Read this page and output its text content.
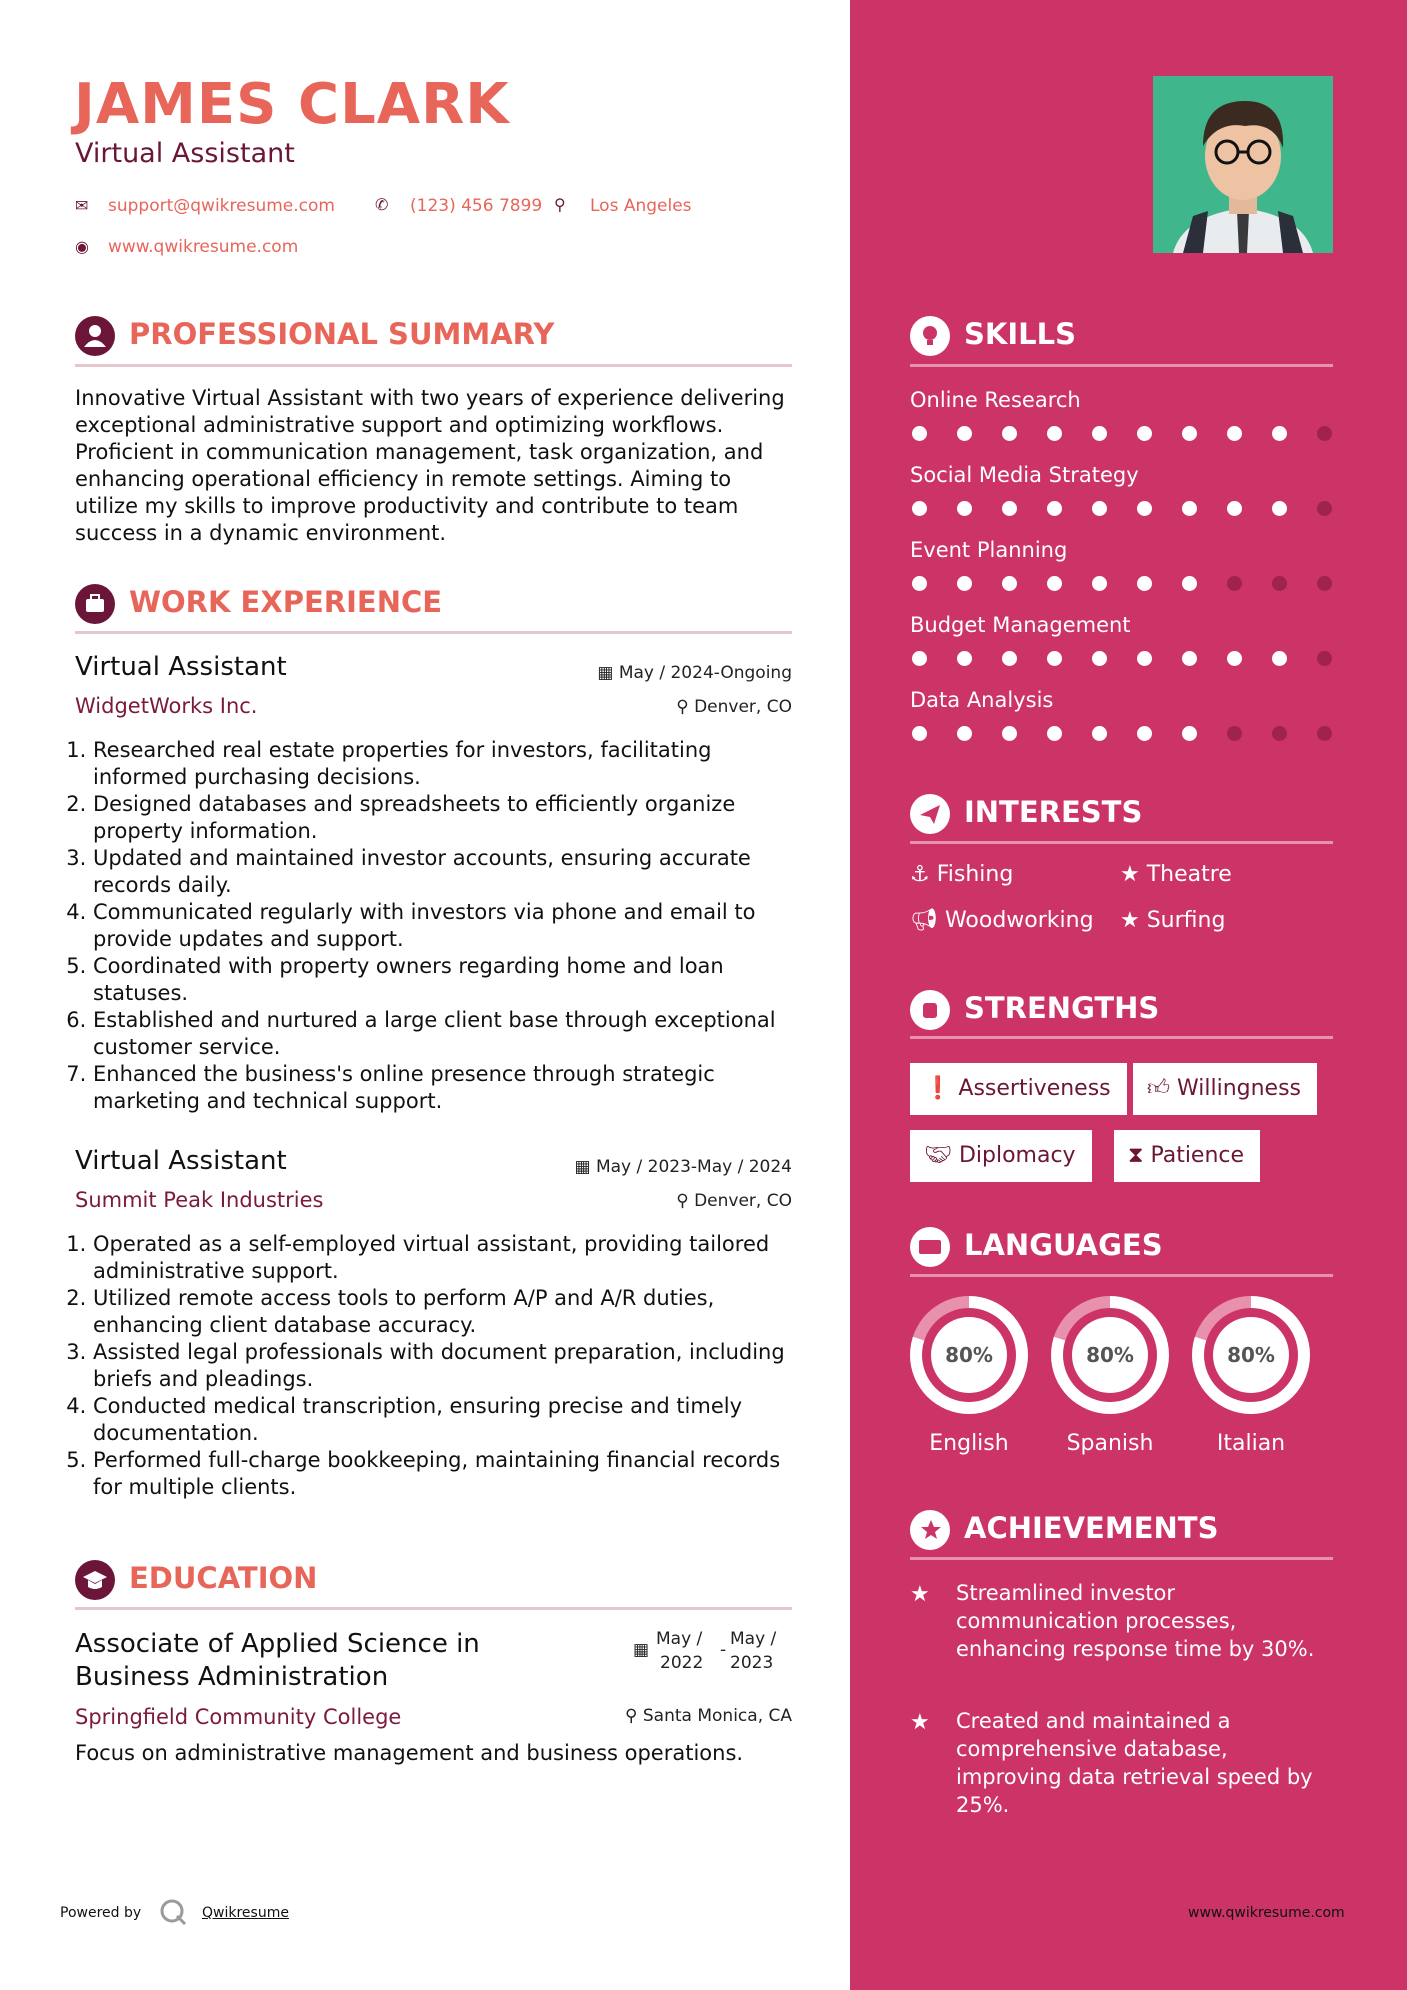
JAMES CLARK
Virtual Assistant
✉ support@qwikresume.com	✆ (123) 456 7899 ⚲ Los Angeles
◉ www.qwikresume.com
PROFESSIONAL SUMMARY
Innovative Virtual Assistant with two years of experience delivering exceptional administrative support and optimizing workflows. Proficient in communication management, task organization, and enhancing operational efficiency in remote settings. Aiming to utilize my skills to improve productivity and contribute to team success in a dynamic environment.
WORK EXPERIENCE
Virtual Assistant	▦ May / 2024-Ongoing
WidgetWorks Inc.	⚲ Denver, CO
1. Researched real estate properties for investors, facilitating informed purchasing decisions.
2. Designed databases and spreadsheets to efficiently organize property information.
3. Updated and maintained investor accounts, ensuring accurate records daily.
4. Communicated regularly with investors via phone and email to provide updates and support.
5. Coordinated with property owners regarding home and loan statuses.
6. Established and nurtured a large client base through exceptional customer service.
7. Enhanced the business's online presence through strategic marketing and technical support.
Virtual Assistant	▦ May / 2023-May / 2024
Summit Peak Industries	⚲ Denver, CO
1. Operated as a self-employed virtual assistant, providing tailored administrative support.
2. Utilized remote access tools to perform A/P and A/R duties, enhancing client database accuracy.
3. Assisted legal professionals with document preparation, including briefs and pleadings.
4. Conducted medical transcription, ensuring precise and timely documentation.
5. Performed full-charge bookkeeping, maintaining financial records for multiple clients.
EDUCATION
Associate of Applied Science in
Business Administration
▦
May /
2022
-
May /
2023
Springfield Community College	⚲ Santa Monica, CA
Focus on administrative management and business operations.
Powered by	Qwikresume
SKILLS
Online Research
Social Media Strategy
Event Planning
Budget Management
Data Analysis
INTERESTS
⚓ Fishing	★ Theatre
📢︎ Woodworking ★ Surfing
STRENGTHS
❗ Assertiveness	👍︎ Willingness
🤝︎ Diplomacy	⧗ Patience
LANGUAGES
80%	80%	80%
English	Spanish	Italian
ACHIEVEMENTS
★ Streamlined investor communication processes, enhancing response time by 30%.
★ Created and maintained a comprehensive database, improving data retrieval speed by 25%.
www.qwikresume.com
